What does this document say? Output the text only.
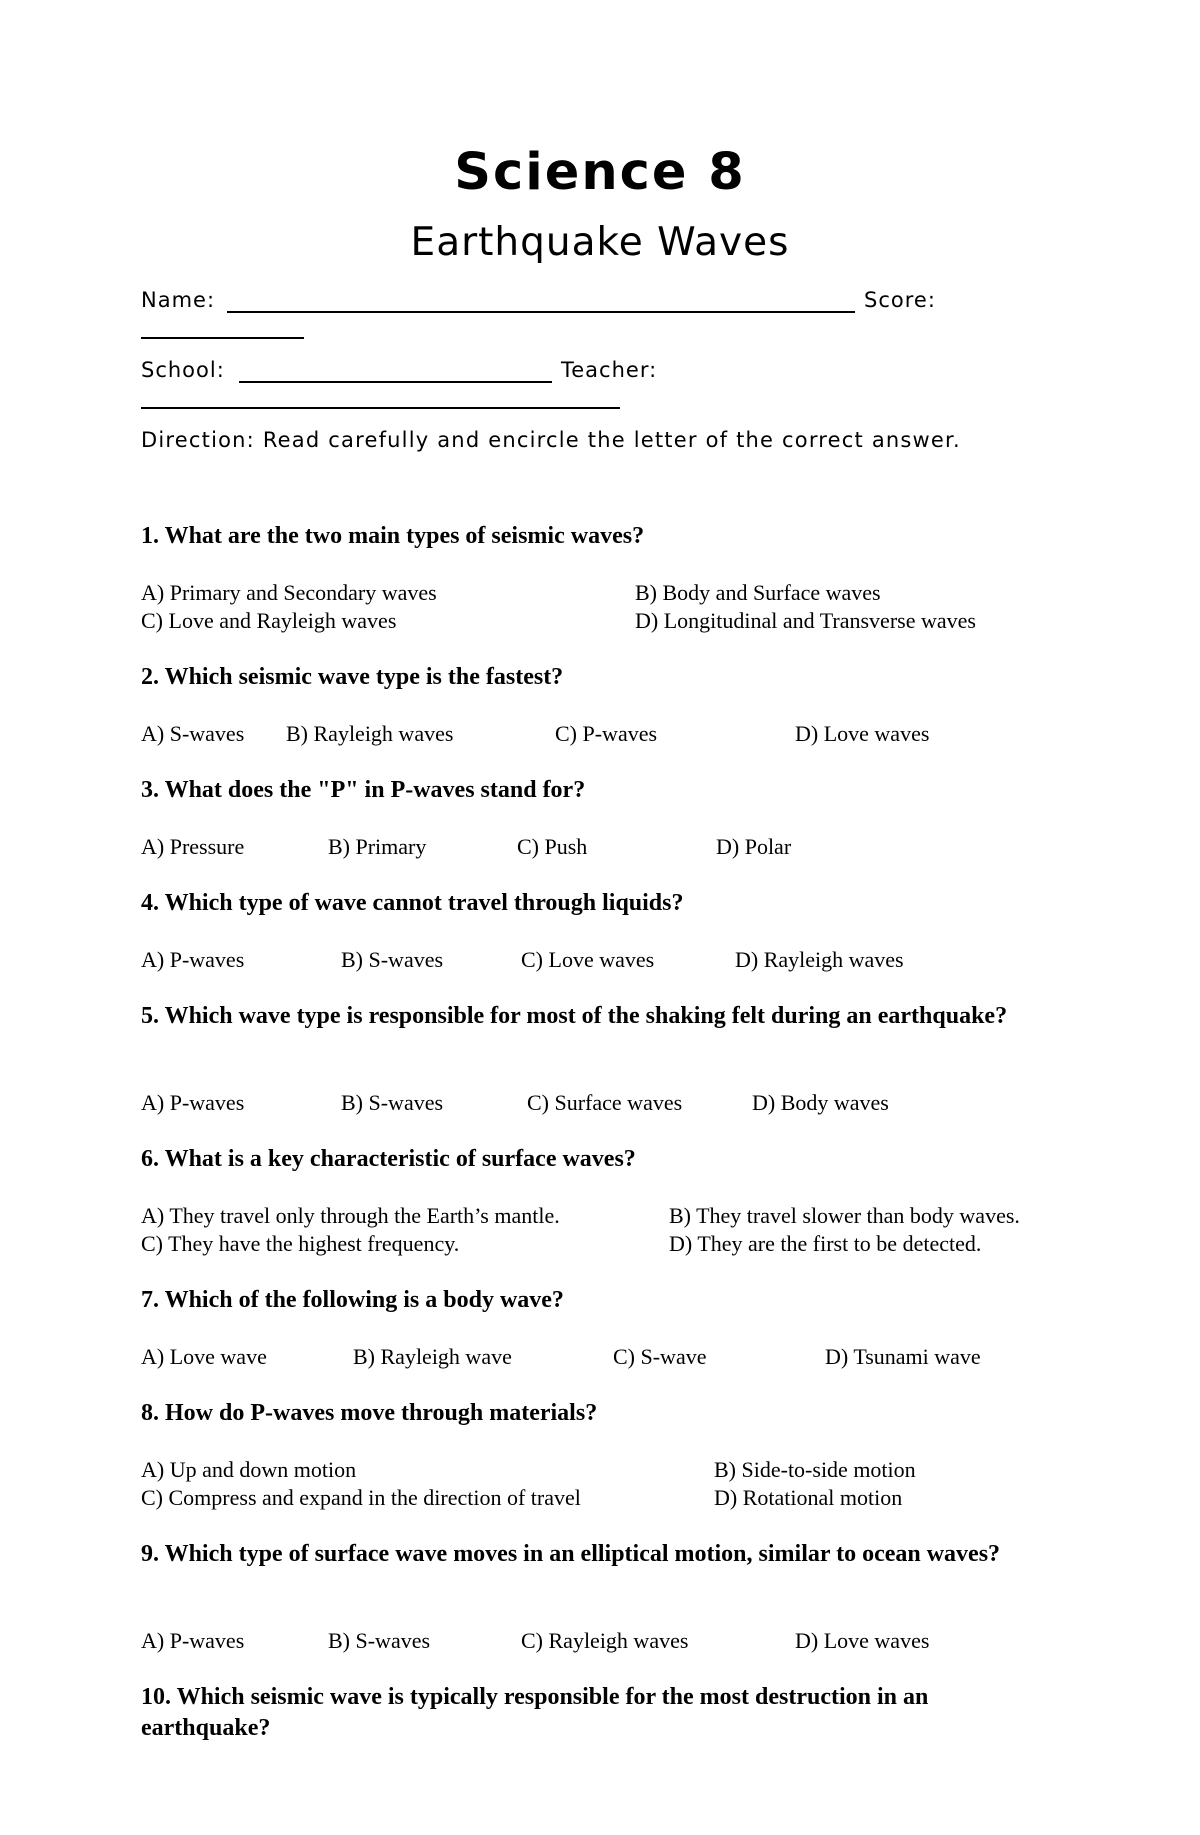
Science 8
Earthquake Waves
Name:	Score:
School:	Teacher:
Direction: Read carefully and encircle the letter of the correct answer.
1. What are the two main types of seismic waves?
A) Primary and Secondary waves	B) Body and Surface waves
C) Love and Rayleigh waves	D) Longitudinal and Transverse waves
2. Which seismic wave type is the fastest?
A) S-waves B) Rayleigh waves	C) P-waves	D) Love waves
3. What does the "P" in P-waves stand for?
A) Pressure	B) Primary	C) Push	D) Polar
4. Which type of wave cannot travel through liquids?
A) P-waves	B) S-waves	C) Love waves	D) Rayleigh waves
5. Which wave type is responsible for most of the shaking felt during an earthquake?
A) P-waves	B) S-waves	C) Surface waves	D) Body waves
6. What is a key characteristic of surface waves?
A) They travel only through the Earth’s mantle.	B) They travel slower than body waves.
C) They have the highest frequency.	D) They are the first to be detected.
7. Which of the following is a body wave?
A) Love wave	B) Rayleigh wave	C) S-wave	D) Tsunami wave
8. How do P-waves move through materials?
A) Up and down motion	B) Side-to-side motion
C) Compress and expand in the direction of travel	D) Rotational motion
9. Which type of surface wave moves in an elliptical motion, similar to ocean waves?
A) P-waves	B) S-waves	C) Rayleigh waves	D) Love waves
10. Which seismic wave is typically responsible for the most destruction in an earthquake?
